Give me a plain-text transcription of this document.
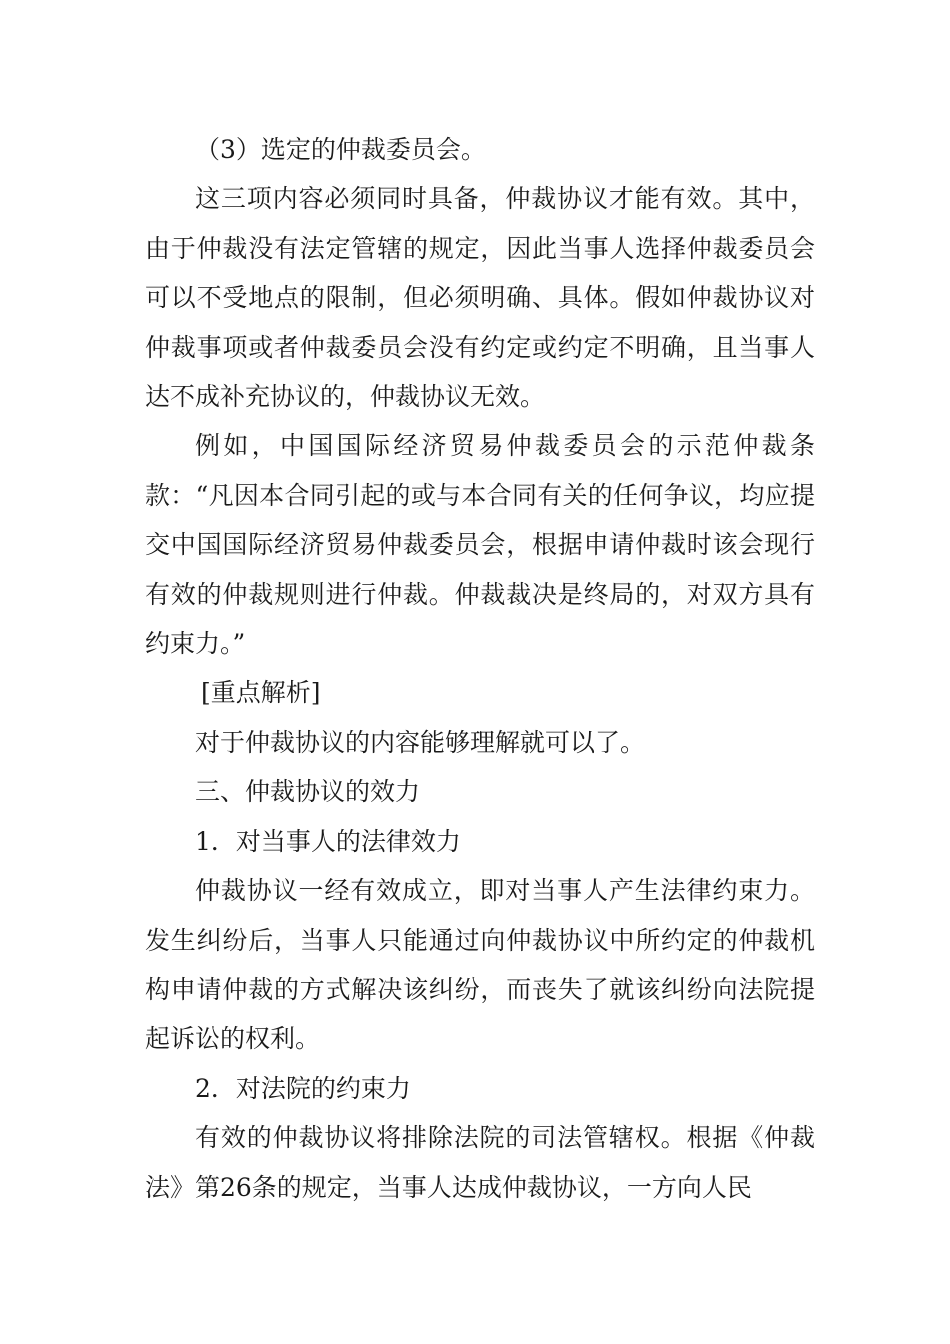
（3）选定的仲裁委员会。

这三项内容必须同时具备，仲裁协议才能有效。其中，由于仲裁没有法定管辖的规定，因此当事人选择仲裁委员会可以不受地点的限制，但必须明确、具体。假如仲裁协议对仲裁事项或者仲裁委员会没有约定或约定不明确，且当事人达不成补充协议的，仲裁协议无效。

例如，中国国际经济贸易仲裁委员会的示范仲裁条款：“凡因本合同引起的或与本合同有关的任何争议，均应提交中国国际经济贸易仲裁委员会，根据申请仲裁时该会现行有效的仲裁规则进行仲裁。仲裁裁决是终局的，对双方具有约束力。”

[重点解析]

对于仲裁协议的内容能够理解就可以了。

三、仲裁协议的效力

1．对当事人的法律效力

仲裁协议一经有效成立，即对当事人产生法律约束力。发生纠纷后，当事人只能通过向仲裁协议中所约定的仲裁机构申请仲裁的方式解决该纠纷，而丧失了就该纠纷向法院提起诉讼的权利。

2．对法院的约束力

有效的仲裁协议将排除法院的司法管辖权。根据《仲裁法》第26条的规定，当事人达成仲裁协议，一方向人民
